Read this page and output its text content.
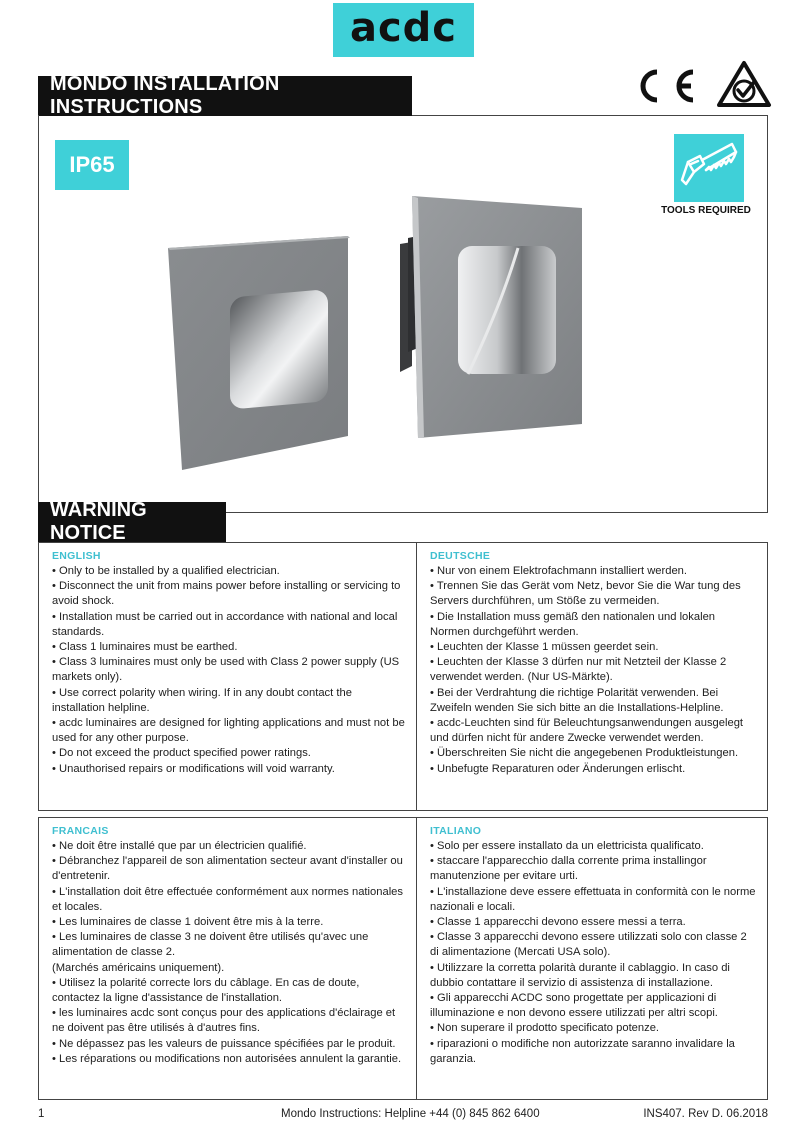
acdc
MONDO INSTALLATION INSTRUCTIONS
IP65
TOOLS REQUIRED
WARNING NOTICE
ENGLISH
• Only to be installed by a qualified electrician.
• Disconnect the unit from mains power before installing or servicing to avoid shock.
• Installation must be carried out in accordance with national and local standards.
• Class 1 luminaires must be earthed.
• Class 3 luminaires must only be used with Class 2 power supply (US markets only).
• Use correct polarity when wiring. If in any doubt contact the installation helpline.
• acdc luminaires are designed for lighting applications and must not be used for any other purpose.
• Do not exceed the product specified power ratings.
• Unauthorised repairs or modifications will void warranty.
DEUTSCHE
• Nur von einem Elektrofachmann installiert werden.
• Trennen Sie das Gerät vom Netz, bevor Sie die War tung des Servers durchführen, um Stöße zu vermeiden.
• Die Installation muss gemäß den nationalen und lokalen Normen durchgeführt werden.
• Leuchten der Klasse 1 müssen geerdet sein.
• Leuchten der Klasse 3 dürfen nur mit Netzteil der Klasse 2 verwendet werden. (Nur US-Märkte).
• Bei der Verdrahtung die richtige Polarität verwenden. Bei Zweifeln wenden Sie sich bitte an die Installations-Helpline.
• acdc-Leuchten sind für Beleuchtungsanwendungen ausgelegt und dürfen nicht für andere Zwecke verwendet werden.
• Überschreiten Sie nicht die angegebenen Produktleistungen.
• Unbefugte Reparaturen oder Änderungen erlischt.
FRANCAIS
• Ne doit être installé que par un électricien qualifié.
• Débranchez l'appareil de son alimentation secteur avant d'installer ou d'entretenir.
• L'installation doit être effectuée conformément aux normes nationales et locales.
• Les luminaires de classe 1 doivent être mis à la terre.
• Les luminaires de classe 3 ne doivent être utilisés qu'avec une alimentation de classe 2.
(Marchés américains uniquement).
• Utilisez la polarité correcte lors du câblage. En cas de doute, contactez la ligne d'assistance de l'installation.
• les luminaires acdc sont conçus pour des applications d'éclairage et ne doivent pas être utilisés à d'autres fins.
• Ne dépassez pas les valeurs de puissance spécifiées par le produit.
• Les réparations ou modifications non autorisées annulent la garantie.
ITALIANO
• Solo per essere installato da un elettricista qualificato.
• staccare l'apparecchio dalla corrente prima installingor manutenzione per evitare urti.
• L'installazione deve essere effettuata in conformità con le norme nazionali e locali.
• Classe 1 apparecchi devono essere messi a terra.
• Classe 3 apparecchi devono essere utilizzati solo con classe 2 di alimentazione (Mercati USA solo).
• Utilizzare la corretta polarità durante il cablaggio. In caso di dubbio contattare il servizio di assistenza di installazione.
• Gli apparecchi ACDC sono progettate per applicazioni di illuminazione e non devono essere utilizzati per altri scopi.
• Non superare il prodotto specificato potenze.
• riparazioni o modifiche non autorizzate saranno invalidare la garanzia.
1	Mondo Instructions: Helpline +44 (0) 845 862 6400	INS407. Rev D. 06.2018
